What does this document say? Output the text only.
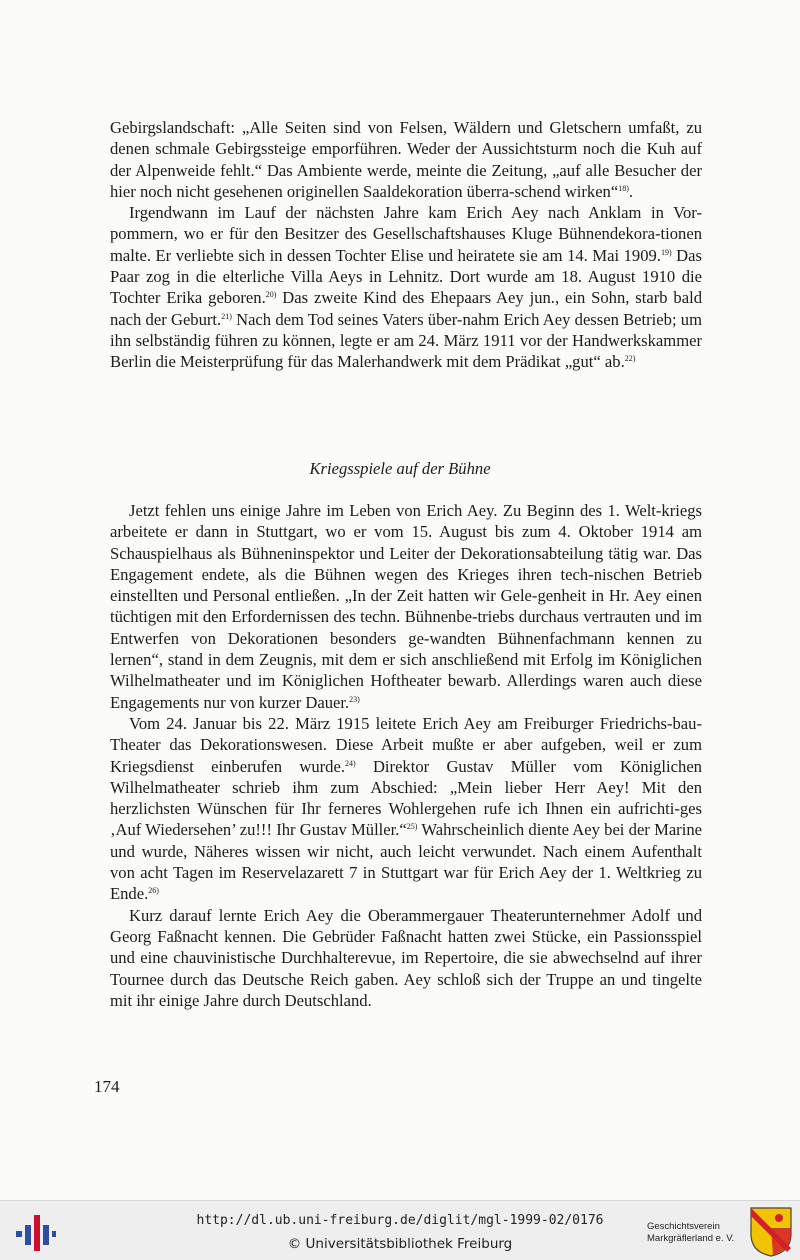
Gebirgslandschaft: „Alle Seiten sind von Felsen, Wäldern und Gletschern umfaßt, zu denen schmale Gebirgssteige emporführen. Weder der Aussichtsturm noch die Kuh auf der Alpenweide fehlt.“ Das Ambiente werde, meinte die Zeitung, „auf alle Besucher der hier noch nicht gesehenen originellen Saaldekoration überra-schend wirken“$^{18)}$.

Irgendwann im Lauf der nächsten Jahre kam Erich Aey nach Anklam in Vor-pommern, wo er für den Besitzer des Gesellschaftshauses Kluge Bühnendekora-tionen malte. Er verliebte sich in dessen Tochter Elise und heiratete sie am 14. Mai 1909.$^{19)}$ Das Paar zog in die elterliche Villa Aeys in Lehnitz. Dort wurde am 18. August 1910 die Tochter Erika geboren.$^{20)}$ Das zweite Kind des Ehepaars Aey jun., ein Sohn, starb bald nach der Geburt.$^{21)}$ Nach dem Tod seines Vaters über-nahm Erich Aey dessen Betrieb; um ihn selbständig führen zu können, legte er am 24. März 1911 vor der Handwerkskammer Berlin die Meisterprüfung für das Malerhandwerk mit dem Prädikat „gut“ ab.$^{22)}$

Kriegsspiele auf der Bühne

Jetzt fehlen uns einige Jahre im Leben von Erich Aey. Zu Beginn des 1. Welt-kriegs arbeitete er dann in Stuttgart, wo er vom 15. August bis zum 4. Oktober 1914 am Schauspielhaus als Bühneninspektor und Leiter der Dekorationsabteilung tätig war. Das Engagement endete, als die Bühnen wegen des Krieges ihren tech-nischen Betrieb einstellten und Personal entließen. „In der Zeit hatten wir Gele-genheit in Hr. Aey einen tüchtigen mit den Erfordernissen des techn. Bühnenbe-triebs durchaus vertrauten und im Entwerfen von Dekorationen besonders ge-wandten Bühnenfachmann kennen zu lernen“, stand in dem Zeugnis, mit dem er sich anschließend mit Erfolg im Königlichen Wilhelmatheater und im Königlichen Hoftheater bewarb. Allerdings waren auch diese Engagements nur von kurzer Dauer.$^{23)}$

Vom 24. Januar bis 22. März 1915 leitete Erich Aey am Freiburger Friedrichs-bau-Theater das Dekorationswesen. Diese Arbeit mußte er aber aufgeben, weil er zum Kriegsdienst einberufen wurde.$^{24)}$ Direktor Gustav Müller vom Königlichen Wilhelmatheater schrieb ihm zum Abschied: „Mein lieber Herr Aey! Mit den herzlichsten Wünschen für Ihr ferneres Wohlergehen rufe ich Ihnen ein aufrichti-ges ‚Auf Wiedersehen’ zu!!! Ihr Gustav Müller.“$^{25)}$ Wahrscheinlich diente Aey bei der Marine und wurde, Näheres wissen wir nicht, auch leicht verwundet. Nach einem Aufenthalt von acht Tagen im Reservelazarett 7 in Stuttgart war für Erich Aey der 1. Weltkrieg zu Ende.$^{26)}$

Kurz darauf lernte Erich Aey die Oberammergauer Theaterunternehmer Adolf und Georg Faßnacht kennen. Die Gebrüder Faßnacht hatten zwei Stücke, ein Passionsspiel und eine chauvinistische Durchhalterevue, im Repertoire, die sie abwechselnd auf ihrer Tournee durch das Deutsche Reich gaben. Aey schloß sich der Truppe an und tingelte mit ihr einige Jahre durch Deutschland.

174
http://dl.ub.uni-freiburg.de/diglit/mgl-1999-02/0176
© Universitätsbibliothek Freiburg
Geschichtsverein
Markgräflerland e. V.
